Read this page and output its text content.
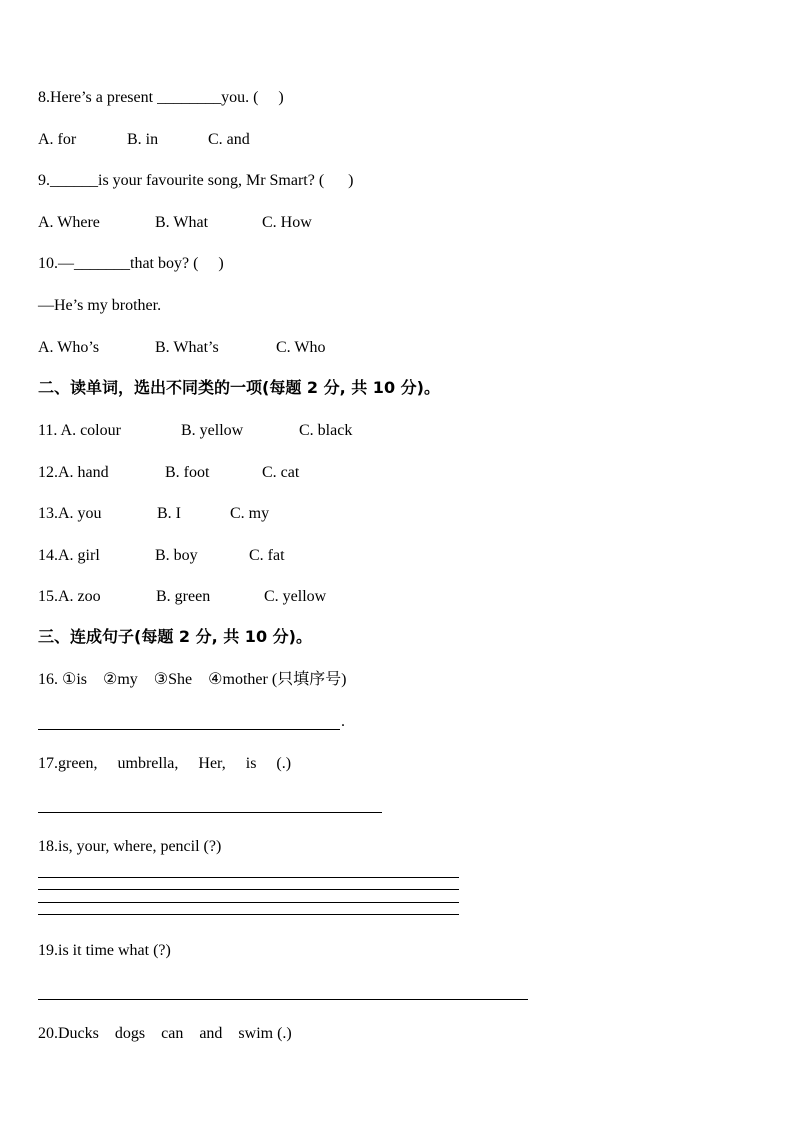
8.Here’s a present ________you. (     )

A. for	B. in	C. and

9.______is your favourite song, Mr Smart? (      )

A. Where	B. What	C. How

10.—_______that boy? (     )

—He’s my brother.

A. Who’s	B. What’s	C. Who

二、读单词，选出不同类的一项(每题 2 分, 共 10 分)。

11. A. colour	B. yellow	C. black

12.A. hand	B. foot	C. cat

13.A. you	B. I	C. my

14.A. girl	B. boy	C. fat

15.A. zoo	B. green	C. yellow

三、连成句子(每题 2 分, 共 10 分)。

16. ①is    ②my    ③She    ④mother (只填序号)

.

17.green,     umbrella,     Her,     is     (.)

18.is, your, where, pencil (?)

19.is it time what (?)

20.Ducks    dogs    can    and    swim (.)
